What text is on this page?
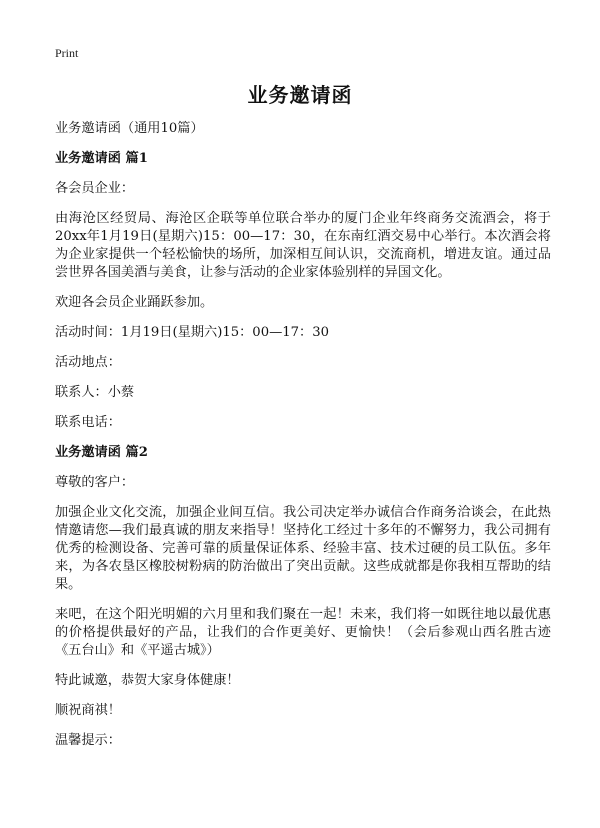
Print
业务邀请函

业务邀请函（通用10篇）

业务邀请函 篇1

各会员企业：

由海沧区经贸局、海沧区企联等单位联合举办的厦门企业年终商务交流酒会，将于20xx年1月19日(星期六)15：00—17：30，在东南红酒交易中心举行。本次酒会将为企业家提供一个轻松愉快的场所，加深相互间认识，交流商机，增进友谊。通过品尝世界各国美酒与美食，让参与活动的企业家体验别样的异国文化。

欢迎各会员企业踊跃参加。

活动时间：1月19日(星期六)15：00—17：30

活动地点：

联系人：小蔡

联系电话：

业务邀请函 篇2

尊敬的客户：

加强企业文化交流，加强企业间互信。我公司决定举办诚信合作商务洽谈会，在此热情邀请您—我们最真诚的朋友来指导！坚持化工经过十多年的不懈努力，我公司拥有优秀的检测设备、完善可靠的质量保证体系、经验丰富、技术过硬的员工队伍。多年来，为各农垦区橡胶树粉病的防治做出了突出贡献。这些成就都是你我相互帮助的结果。

来吧，在这个阳光明媚的六月里和我们聚在一起！未来，我们将一如既往地以最优惠的价格提供最好的产品，让我们的合作更美好、更愉快！（会后参观山西名胜古迹《五台山》和《平遥古城》）

特此诚邀，恭贺大家身体健康！

顺祝商祺！

温馨提示：
